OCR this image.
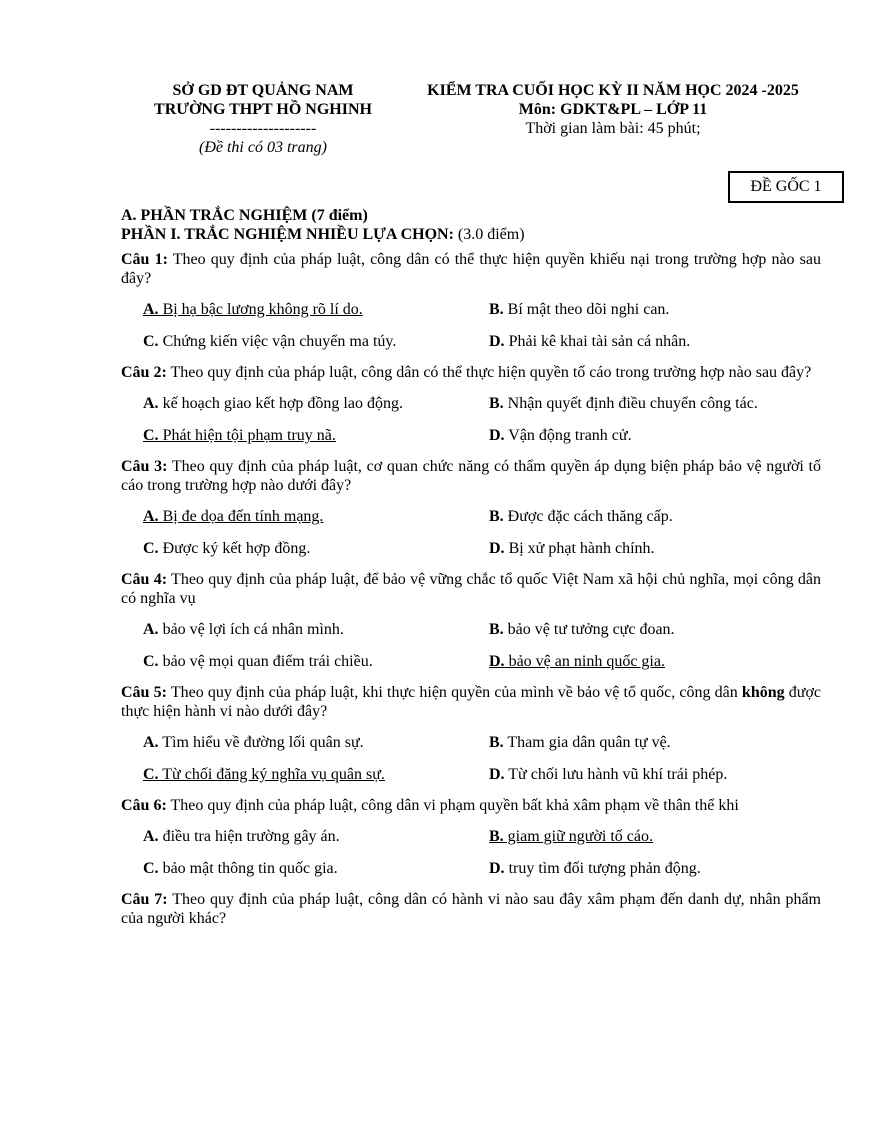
SỞ GD ĐT QUẢNG NAM
TRƯỜNG THPT HỒ NGHINH
--------------------
(Đề thi có 03 trang)
KIỂM TRA CUỐI HỌC KỲ II NĂM HỌC 2024 -2025
Môn: GDKT&PL – LỚP 11
Thời gian làm bài: 45 phút;
ĐỀ GỐC 1
A. PHẦN TRẮC NGHIỆM (7 điểm)
PHẦN I. TRẮC NGHIỆM NHIỀU LỰA CHỌN: (3.0 điểm)
Câu 1: Theo quy định của pháp luật, công dân có thể thực hiện quyền khiếu nại trong trường hợp nào sau đây?
A. Bị hạ bậc lương không rõ lí do.	B. Bí mật theo dõi nghi can.
C. Chứng kiến việc vận chuyển ma túy.	D. Phải kê khai tài sản cá nhân.
Câu 2: Theo quy định của pháp luật, công dân có thể thực hiện quyền tố cáo trong trường hợp nào sau đây?
A. kế hoạch giao kết hợp đồng lao động.	B. Nhận quyết định điều chuyển công tác.
C. Phát hiện tội phạm truy nã.	D. Vận động tranh cử.
Câu 3: Theo quy định của pháp luật, cơ quan chức năng có thẩm quyền áp dụng biện pháp bảo vệ người tố cáo trong trường hợp nào dưới đây?
A. Bị đe dọa đến tính mạng.	B. Được đặc cách thăng cấp.
C. Được ký kết hợp đồng.	D. Bị xử phạt hành chính.
Câu 4: Theo quy định của pháp luật, để bảo vệ vững chắc tổ quốc Việt Nam xã hội chủ nghĩa, mọi công dân có nghĩa vụ
A. bảo vệ lợi ích cá nhân mình.	B. bảo vệ tư tưởng cực đoan.
C. bảo vệ mọi quan điểm trái chiều.	D. bảo vệ an ninh quốc gia.
Câu 5: Theo quy định của pháp luật, khi thực hiện quyền của mình về bảo vệ tổ quốc, công dân không được thực hiện hành vi nào dưới đây?
A. Tìm hiểu về đường lối quân sự.	B. Tham gia dân quân tự vệ.
C. Từ chối đăng ký nghĩa vụ quân sự.	D. Từ chối lưu hành vũ khí trái phép.
Câu 6: Theo quy định của pháp luật, công dân vi phạm quyền bất khả xâm phạm về thân thể khi
A. điều tra hiện trường gây án.	B. giam giữ người tố cáo.
C. bảo mật thông tin quốc gia.	D. truy tìm đối tượng phản động.
Câu 7: Theo quy định của pháp luật, công dân có hành vi nào sau đây xâm phạm đến danh dự, nhân phẩm của người khác?
